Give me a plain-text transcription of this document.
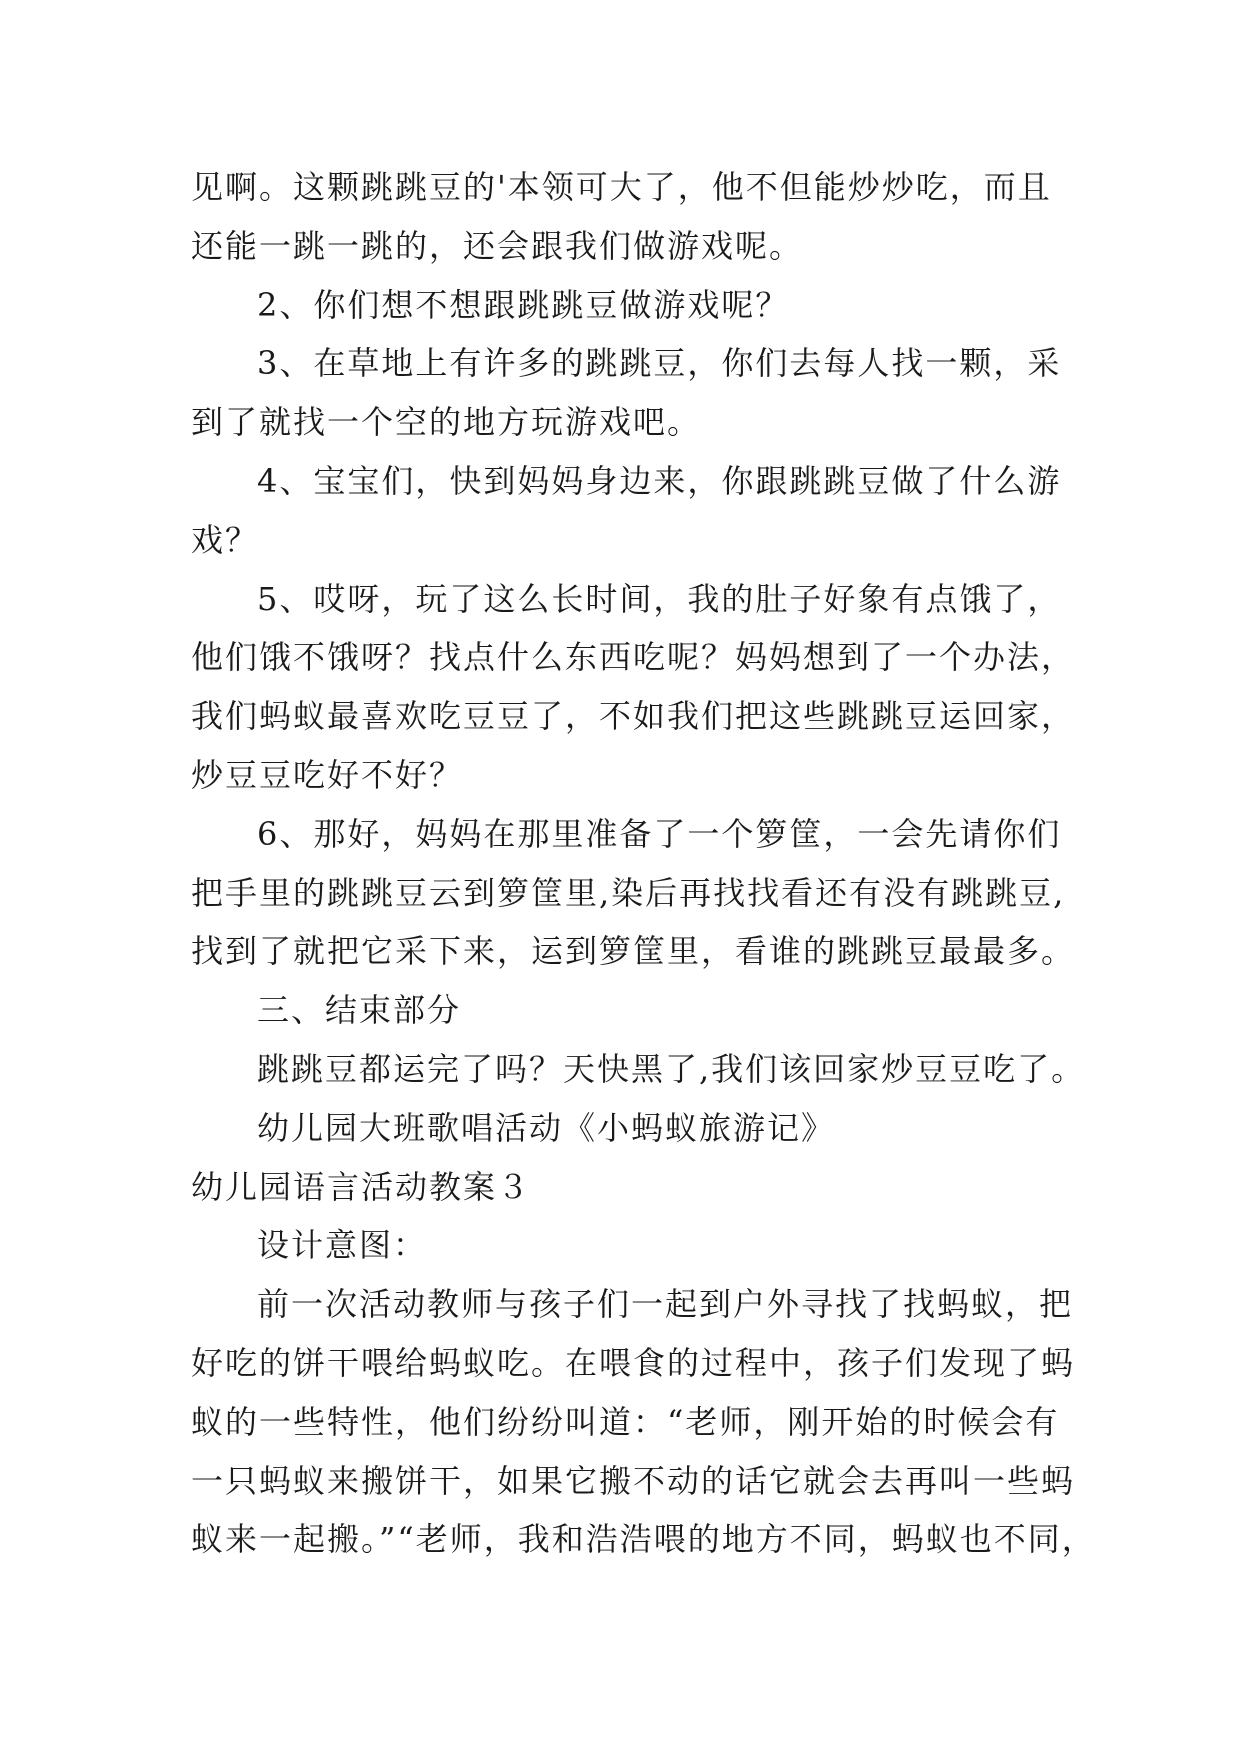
见啊。这颗跳跳豆的'本领可大了，他不但能炒炒吃，而且
还能一跳一跳的，还会跟我们做游戏呢。
2、你们想不想跟跳跳豆做游戏呢？
3、在草地上有许多的跳跳豆，你们去每人找一颗，采
到了就找一个空的地方玩游戏吧。
4、宝宝们，快到妈妈身边来，你跟跳跳豆做了什么游
戏？
5、哎呀，玩了这么长时间，我的肚子好象有点饿了，
他们饿不饿呀？找点什么东西吃呢？妈妈想到了一个办法，
我们蚂蚁最喜欢吃豆豆了，不如我们把这些跳跳豆运回家，
炒豆豆吃好不好？
6、那好，妈妈在那里准备了一个箩筐，一会先请你们
把手里的跳跳豆云到箩筐里,染后再找找看还有没有跳跳豆,
找到了就把它采下来，运到箩筐里，看谁的跳跳豆最最多。
三、结束部分
跳跳豆都运完了吗？天快黑了,我们该回家炒豆豆吃了。
幼儿园大班歌唱活动《小蚂蚁旅游记》
幼儿园语言活动教案３
设计意图：
前一次活动教师与孩子们一起到户外寻找了找蚂蚁，把
好吃的饼干喂给蚂蚁吃。在喂食的过程中，孩子们发现了蚂
蚁的一些特性，他们纷纷叫道：“老师，刚开始的时候会有
一只蚂蚁来搬饼干，如果它搬不动的话它就会去再叫一些蚂
蚁来一起搬。”“老师，我和浩浩喂的地方不同，蚂蚁也不同，
